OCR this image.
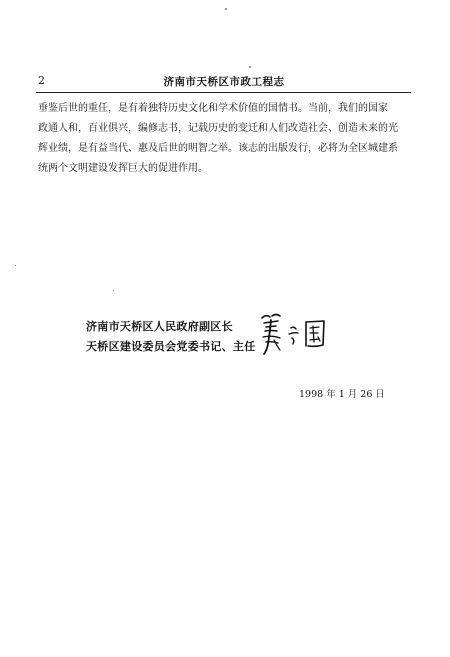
2	济南市天桥区市政工程志
垂鉴后世的重任，是有着独特历史文化和学术价值的国情书。当前，我们的国家
政通人和，百业俱兴，编修志书，记载历史的变迁和人们改造社会、创造未来的光
辉业绩，是有益当代、惠及后世的明智之举。该志的出版发行，必将为全区城建系
统两个文明建设发挥巨大的促进作用。
济南市天桥区人民政府副区长
天桥区建设委员会党委书记、主任
1998 年 1 月 26 日
